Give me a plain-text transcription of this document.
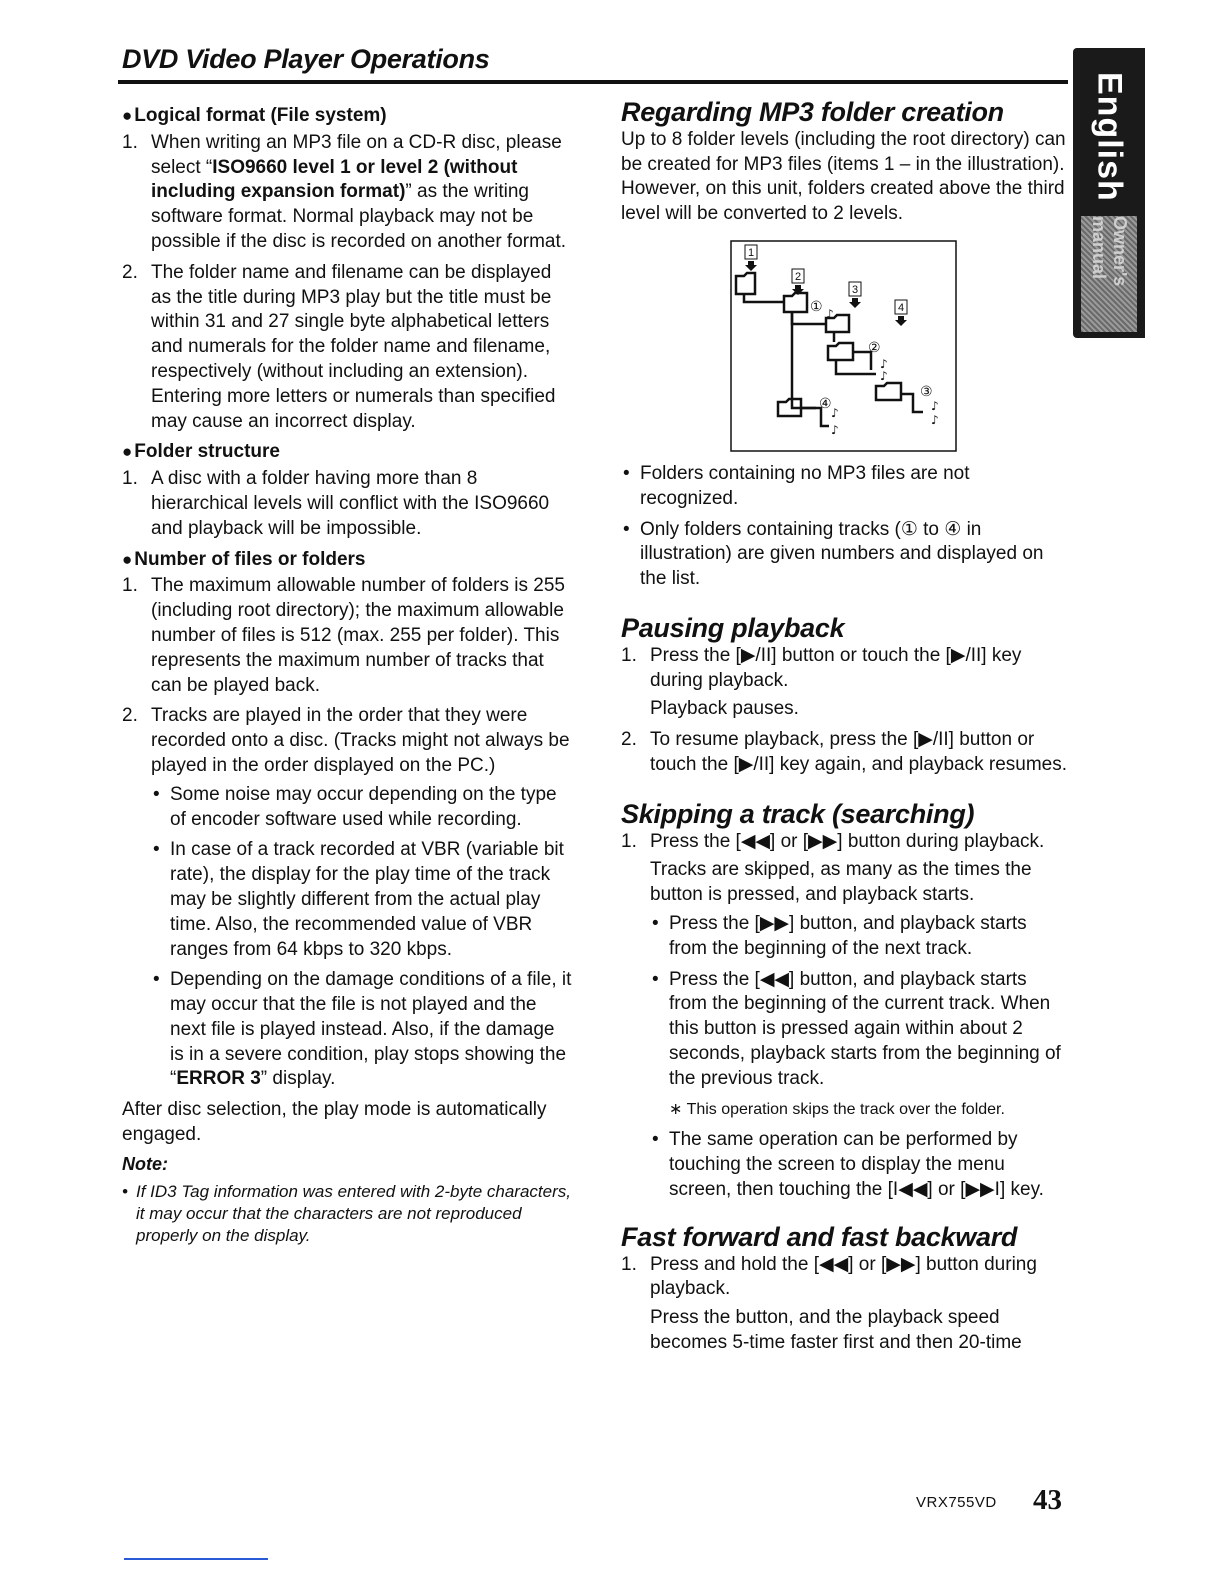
DVD Video Player Operations
English
Owner's manual
● Logical format (File system)
1. When writing an MP3 file on a CD-R disc, please select “ISO9660 level 1 or level 2 (without including expansion format)” as the writing software format. Normal playback may not be possible if the disc is recorded on another format.
2. The folder name and filename can be displayed as the title during MP3 play but the title must be within 31 and 27 single byte alphabetical letters and numerals for the folder name and filename, respectively (without including an extension). Entering more letters or numerals than specified may cause an incorrect display.
● Folder structure
1. A disc with a folder having more than 8 hierarchical levels will conflict with the ISO9660 and playback will be impossible.
● Number of files or folders
1. The maximum allowable number of folders is 255 (including root directory); the maximum allowable number of files is 512 (max. 255 per folder). This represents the maximum number of tracks that can be played back.
2. Tracks are played in the order that they were recorded onto a disc. (Tracks might not always be played in the order displayed on the PC.)
• Some noise may occur depending on the type of encoder software used while recording.
• In case of a track recorded at VBR (variable bit rate), the display for the play time of the track may be slightly different from the actual play time. Also, the recommended value of VBR ranges from 64 kbps to 320 kbps.
• Depending on the damage conditions of a file, it may occur that the file is not played and the next file is played instead. Also, if the damage is in a severe condition, play stops showing the “ERROR 3” display.

After disc selection, the play mode is automatically engaged.

Note:
• If ID3 Tag information was entered with 2-byte characters, it may occur that the characters are not reproduced properly on the display.
Regarding MP3 folder creation

Up to 8 folder levels (including the root directory) can be created for MP3 files (items 1 – in the illustration). However, on this unit, folders created above the third level will be converted to 2 levels.

1
2
3
4
①
②
③
④
♪
♪
♪
♪
♪
♪
♪
• Folders containing no MP3 files are not recognized.
• Only folders containing tracks (① to ④ in illustration) are given numbers and displayed on the list.
Pausing playback
1. Press the [▶/II] button or touch the [▶/II] key during playback.

Playback pauses.

2. To resume playback, press the [▶/II] button or touch the [▶/II] key again, and playback resumes.
Skipping a track (searching)
1. Press the [◀◀] or [▶▶] button during playback.

Tracks are skipped, as many as the times the button is pressed, and playback starts.

• Press the [▶▶] button, and playback starts from the beginning of the next track.
• Press the [◀◀] button, and playback starts from the beginning of the current track. When this button is pressed again within about 2 seconds, playback starts from the beginning of the previous track.
∗ This operation skips the track over the folder.
• The same operation can be performed by touching the screen to display the menu screen, then touching the [I◀◀] or [▶▶I] key.
Fast forward and fast backward
1. Press and hold the [◀◀] or [▶▶] button during playback.

Press the button, and the playback speed becomes 5-time faster first and then 20-time

VRX755VD 43
